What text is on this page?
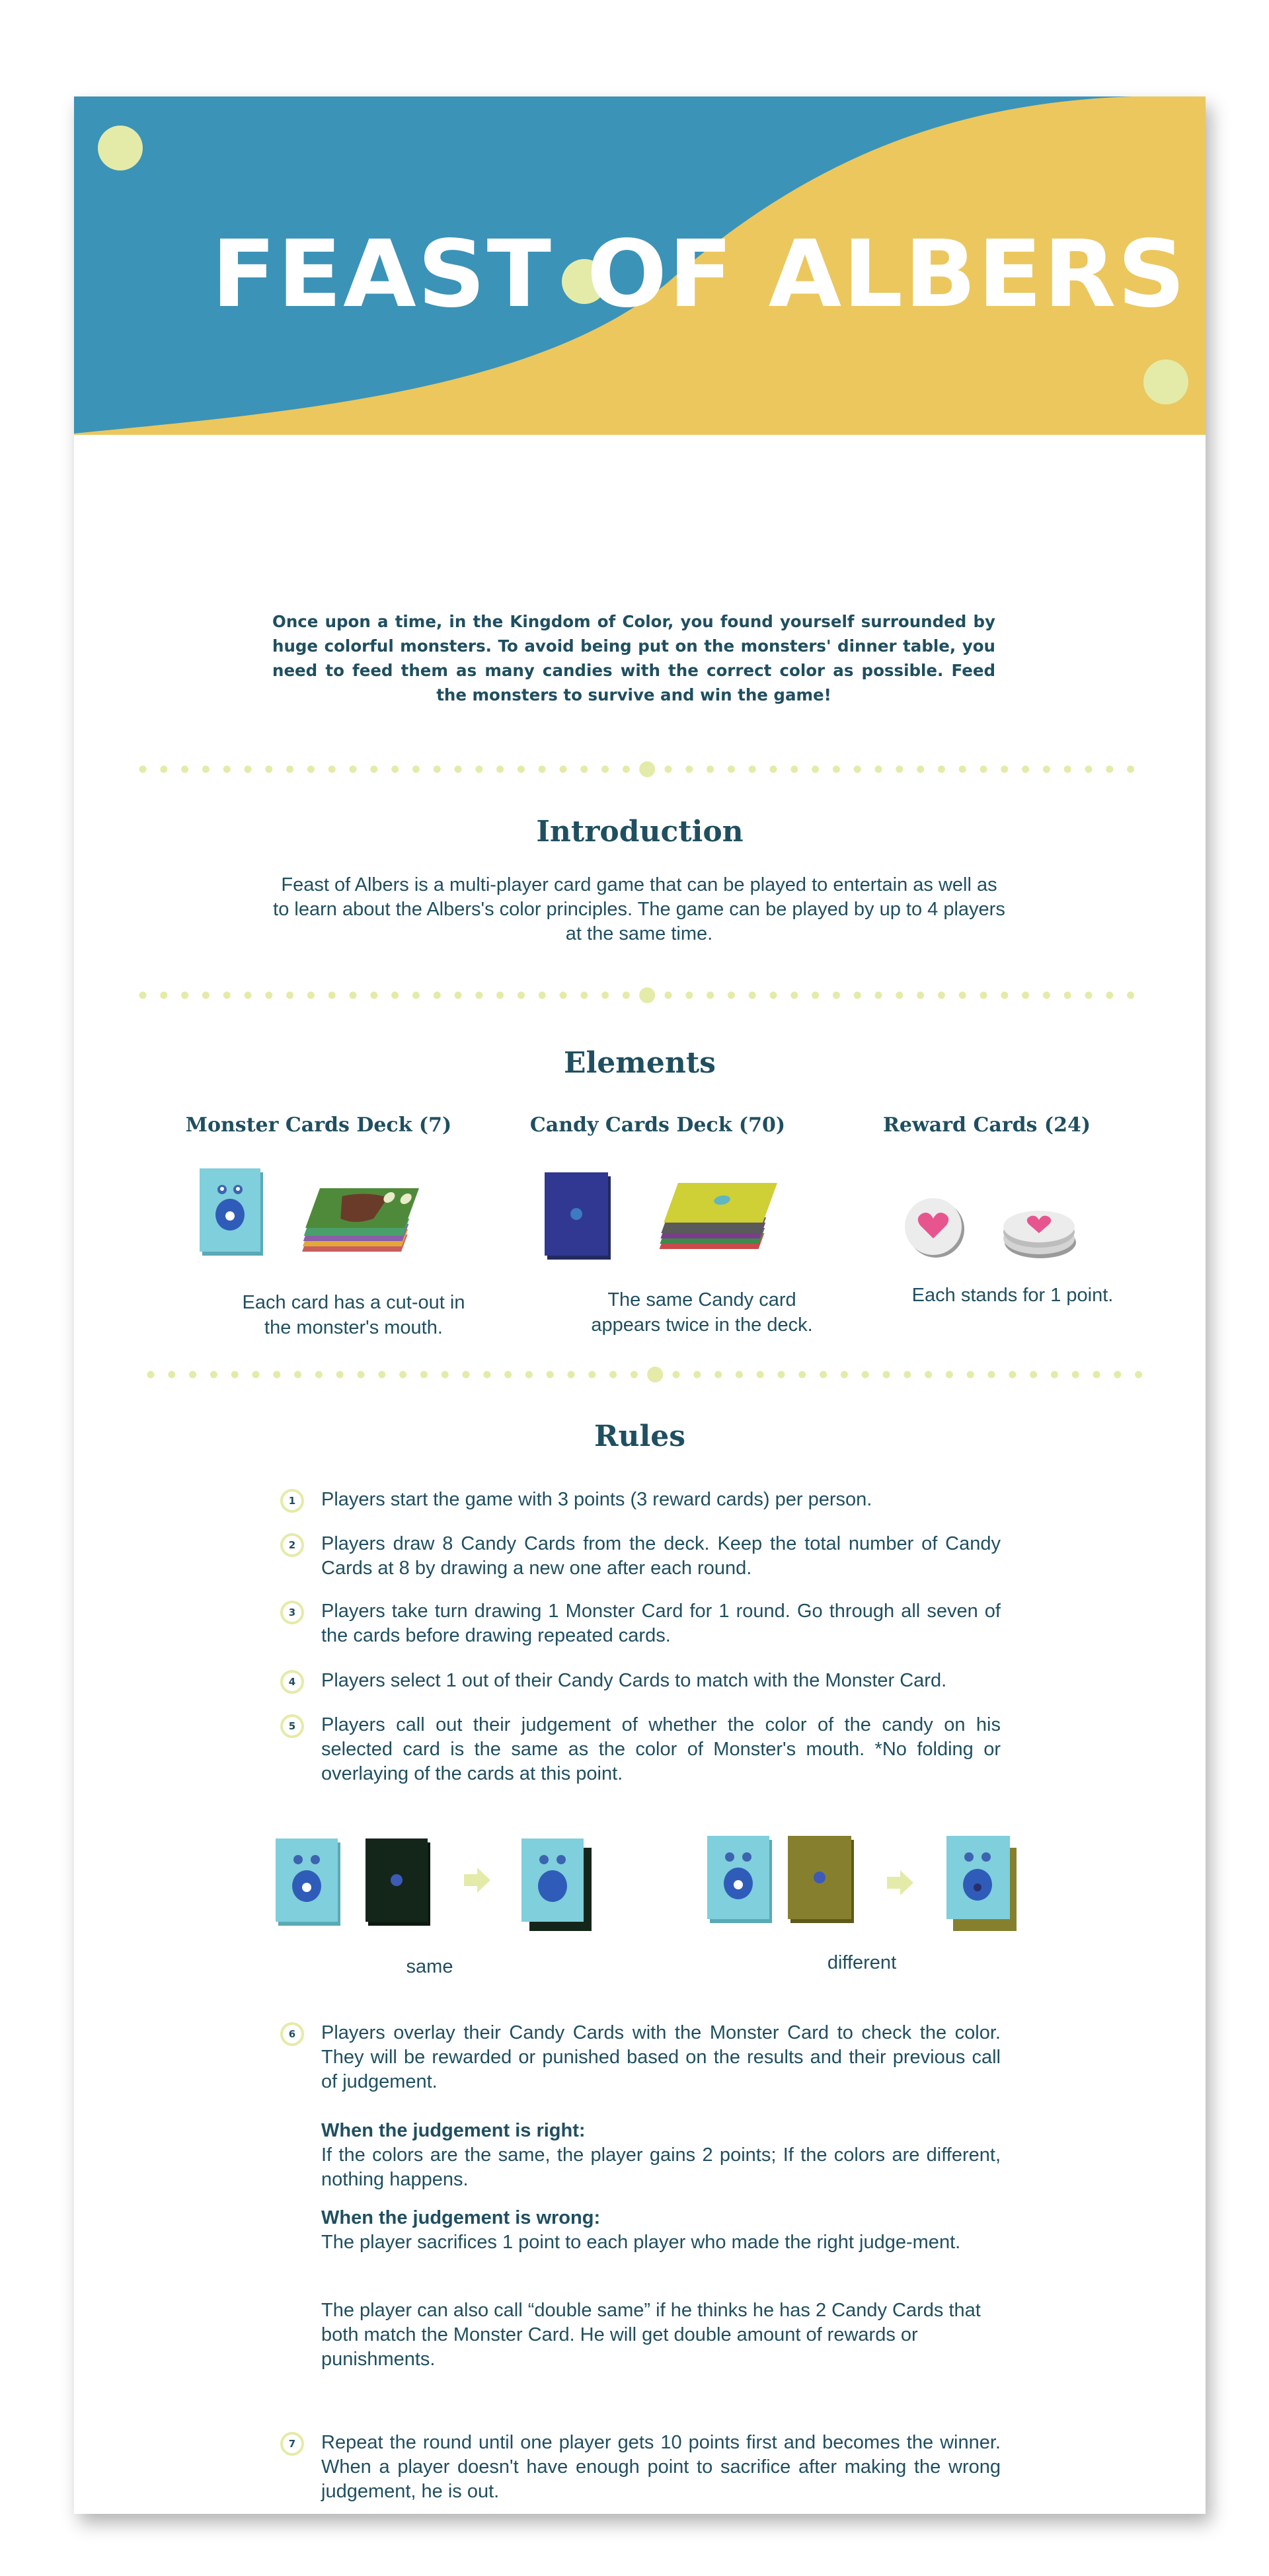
FEAST OF ALBERS
Once upon a time, in the Kingdom of Color, you found yourself surrounded by huge colorful monsters. To avoid being put on the monsters' dinner table, you need to feed them as many candies with the correct color as possible. Feed the monsters to survive and win the game!
Introduction
Feast of Albers is a multi-player card game that can be played to entertain as well as to learn about the Albers's color principles. The game can be played by up to 4 players at the same time.
Elements
Monster Cards Deck (7)	Candy Cards Deck (70)	Reward Cards (24)
Each card has a cut-out in the monster's mouth.
The same Candy card appears twice in the deck.
Each stands for 1 point.
Rules
1	Players start the game with 3 points (3 reward cards) per person.
2	Players draw 8 Candy Cards from the deck. Keep the total number of Candy Cards at 8 by drawing a new one after each round.
3	Players take turn drawing 1 Monster Card for 1 round. Go through all seven of the cards before drawing repeated cards.
4	Players select 1 out of their Candy Cards to match with the Monster Card.
5	Players call out their judgement of whether the color of the candy on his selected card is the same as the color of Monster's mouth. *No folding or overlaying of the cards at this point.
same	different
6	Players overlay their Candy Cards with the Monster Card to check the color. They will be rewarded or punished based on the results and their previous call of judgement.
When the judgement is right:
If the colors are the same, the player gains 2 points; If the colors are different, nothing happens.
When the judgement is wrong:
The player sacrifices 1 point to each player who made the right judge-ment.
The player can also call “double same” if he thinks he has 2 Candy Cards that both match the Monster Card. He will get double amount of rewards or punishments.
7	Repeat the round until one player gets 10 points first and becomes the winner. When a player doesn't have enough point to sacrifice after making the wrong judgement, he is out.
